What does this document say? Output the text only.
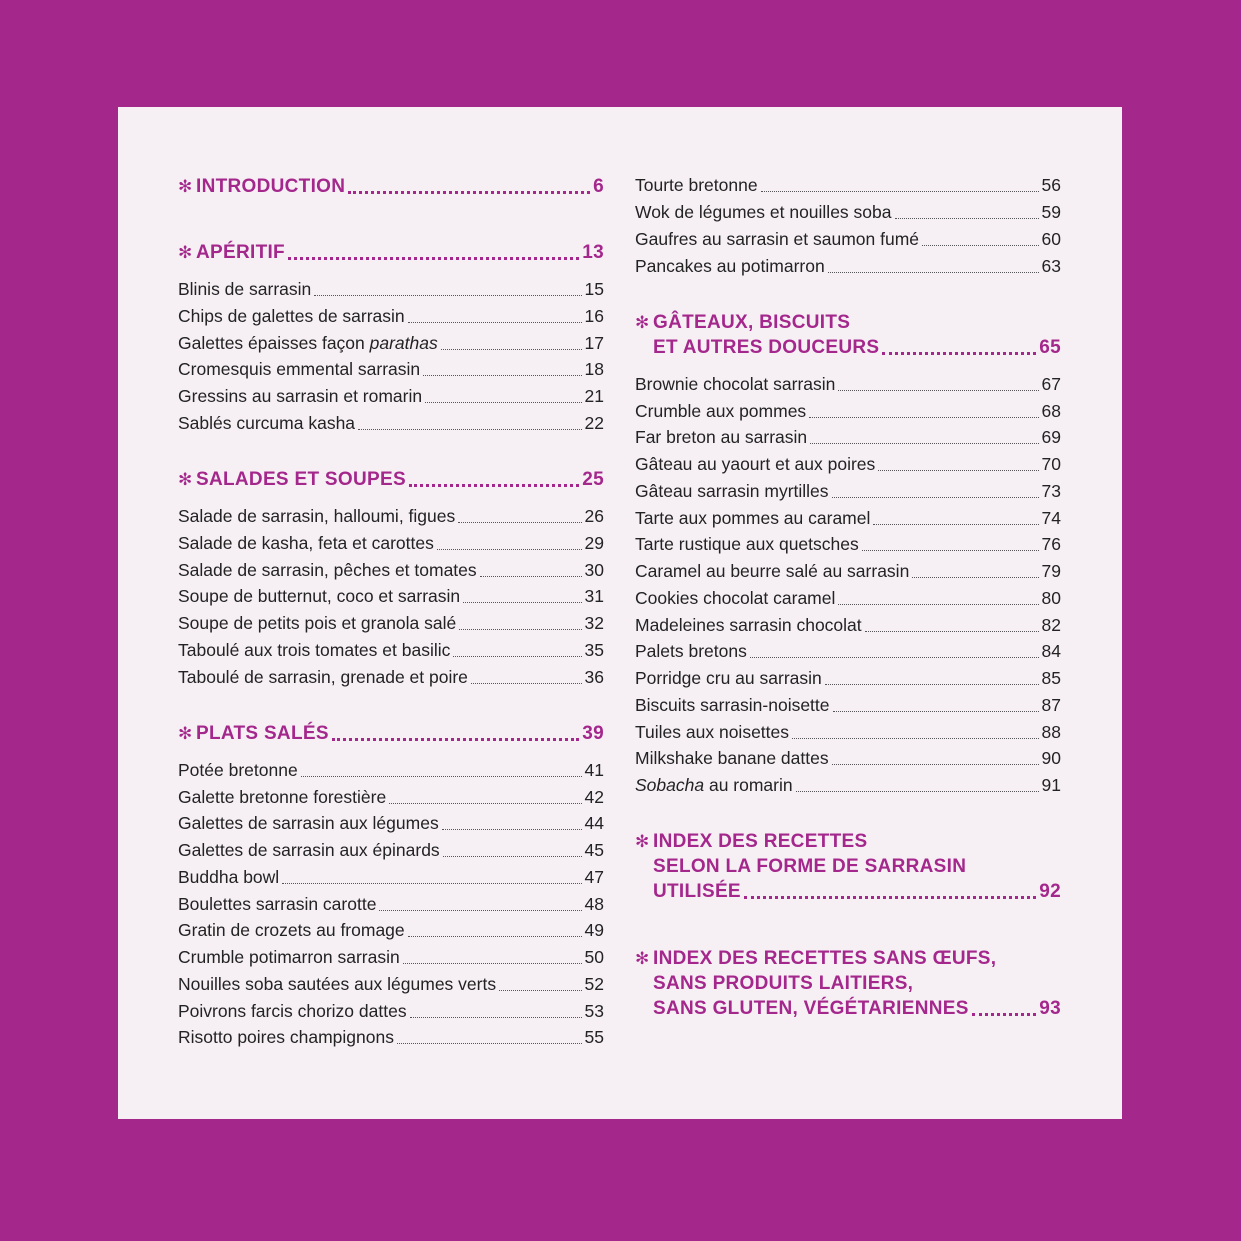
✻ INTRODUCTION	6
✻ APÉRITIF	13
Blinis de sarrasin	15
Chips de galettes de sarrasin	16
Galettes épaisses façon parathas	17
Cromesquis emmental sarrasin	18
Gressins au sarrasin et romarin	21
Sablés curcuma kasha	22
✻ SALADES ET SOUPES	25
Salade de sarrasin, halloumi, figues	26
Salade de kasha, feta et carottes	29
Salade de sarrasin, pêches et tomates	30
Soupe de butternut, coco et sarrasin	31
Soupe de petits pois et granola salé	32
Taboulé aux trois tomates et basilic	35
Taboulé de sarrasin, grenade et poire	36
✻ PLATS SALÉS	39
Potée bretonne	41
Galette bretonne forestière	42
Galettes de sarrasin aux légumes	44
Galettes de sarrasin aux épinards	45
Buddha bowl	47
Boulettes sarrasin carotte	48
Gratin de crozets au fromage	49
Crumble potimarron sarrasin	50
Nouilles soba sautées aux légumes verts	52
Poivrons farcis chorizo dattes	53
Risotto poires champignons	55
Tourte bretonne	56
Wok de légumes et nouilles soba	59
Gaufres au sarrasin et saumon fumé	60
Pancakes au potimarron	63
✻ GÂTEAUX, BISCUITS
ET AUTRES DOUCEURS	65
Brownie chocolat sarrasin	67
Crumble aux pommes	68
Far breton au sarrasin	69
Gâteau au yaourt et aux poires	70
Gâteau sarrasin myrtilles	73
Tarte aux pommes au caramel	74
Tarte rustique aux quetsches	76
Caramel au beurre salé au sarrasin	79
Cookies chocolat caramel	80
Madeleines sarrasin chocolat	82
Palets bretons	84
Porridge cru au sarrasin	85
Biscuits sarrasin-noisette	87
Tuiles aux noisettes	88
Milkshake banane dattes	90
Sobacha au romarin	91
✻ INDEX DES RECETTES
SELON LA FORME DE SARRASIN
UTILISÉE	92
✻ INDEX DES RECETTES SANS ŒUFS,
SANS PRODUITS LAITIERS,
SANS GLUTEN, VÉGÉTARIENNES	93
